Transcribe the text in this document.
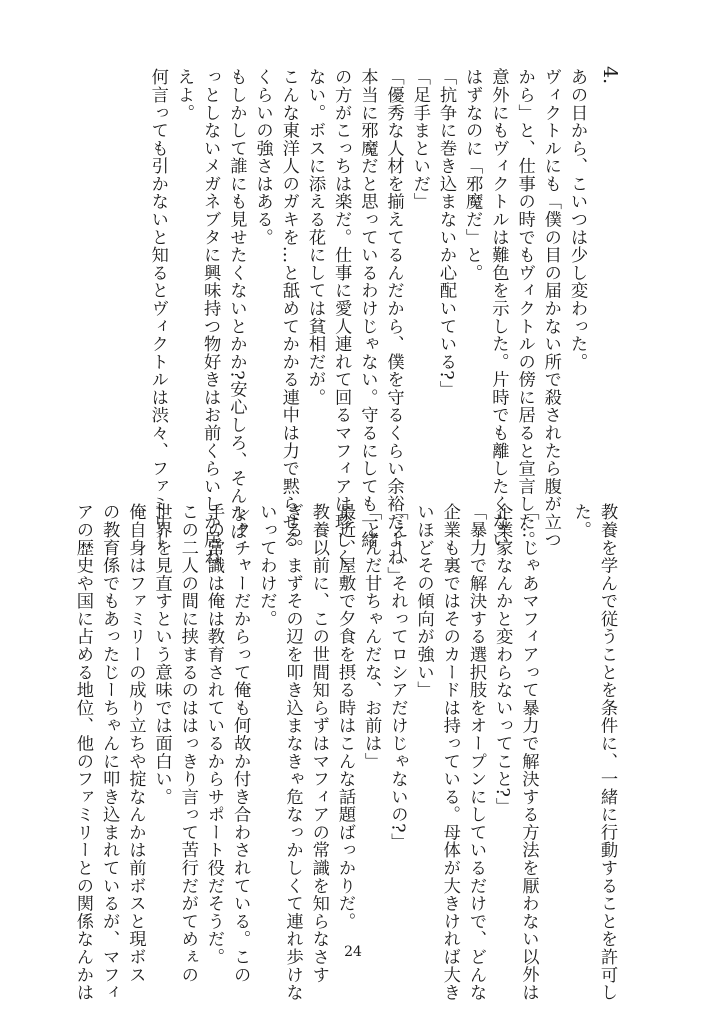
4.

あの日から、こいつは少し変わった。

ヴィクトルにも「僕の目の届かない所で殺されたら腹が立つ

から」と、仕事の時でもヴィクトルの傍に居ると宣言した。

意外にもヴィクトルは難色を示した。片時でも離したくない

はずなのに「邪魔だ」と。

「抗争に巻き込まないか心配いている?」

「足手まといだ」

「優秀な人材を揃えてるんだから、僕を守るくらい余裕だよね」

本当に邪魔だと思っているわけじゃない。守るにしても一緒

の方がこっちは楽だ。仕事に愛人連れて回るマフィアは珍しく

ない。ボスに添える花にしては貧相だが。

こんな東洋人のガキを…と舐めてかかる連中は力で黙らせる

くらいの強さはある。

もしかして誰にも見せたくないとかか?安心しろ、そんなぱ

っとしないメガネブタに興味持つ物好きはお前くらいしか居ね

えよ。

何言っても引かないと知るとヴィクトルは渋々、ファミリー

教養を学んで従うことを条件に、一緒に行動することを許可し

た。

「…じゃあマフィアって暴力で解決する方法を厭わない以外は

企業家なんかと変わらないってこと?」

「暴力で解決する選択肢をオープンにしているだけで、どんな

企業も裏ではそのカードは持っている。母体が大きければ大き

いほどその傾向が強い」

「えー、それってロシアだけじゃないの?」

「とんだ甘ちゃんだな、お前は」

最近、屋敷で夕食を摂る時はこんな話題ばっかりだ。

教養以前に、この世間知らずはマフィアの常識を知らなさす

ぎる。まずその辺を叩き込まなきゃ危なっかしくて連れ歩けな

いってわけだ。

レクチャーだからって俺も何故か付き合わされている。この

手の常識は俺は教育されているからサポート役だそうだ。

この二人の間に挟まるのははっきり言って苦行だがてめぇの

世界を見直すという意味では面白い。

俺自身はファミリーの成り立ちや掟なんかは前ボスと現ボス

の教育係でもあったじーちゃんに叩き込まれているが、マフィ

アの歴史や国に占める地位、他のファミリーとの関係なんかは	24
